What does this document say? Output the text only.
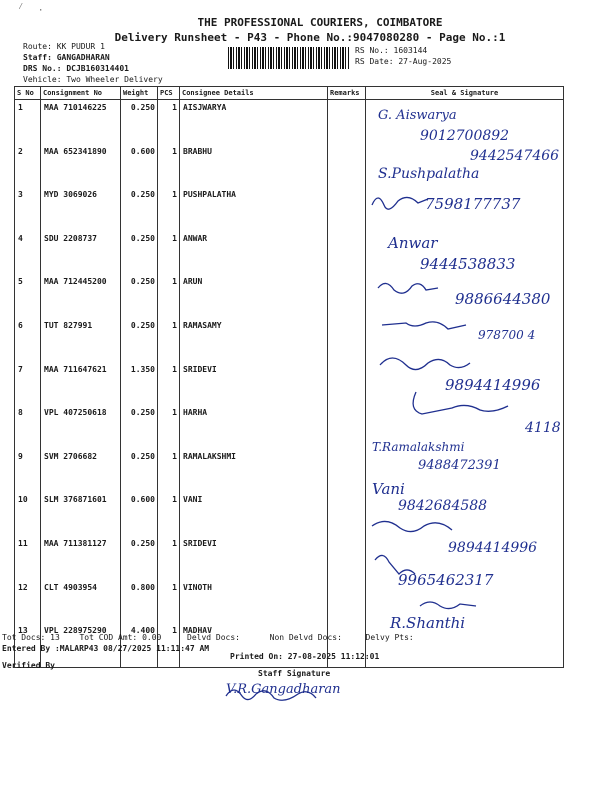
⁄ ·
THE PROFESSIONAL COURIERS, COIMBATORE
Delivery Runsheet - P43 - Phone No.:9047080280 - Page No.:1
Route: KK PUDUR 1
Staff: GANGADHARAN
DRS No.: DCJB160314401
Vehicle: Two Wheeler Delivery
RS No.: 1603144
RS Date: 27-Aug-2025
S No	Consignment No	Weight	PCS	Consignee Details	Remarks	Seal & Signature
1	MAA 710146225	0.250	1	AISJWARYA		
2	MAA 652341890	0.600	1	BRABHU		
3	MYD 3069026	0.250	1	PUSHPALATHA		
4	SDU 2208737	0.250	1	ANWAR		
5	MAA 712445200	0.250	1	ARUN		
6	TUT 827991	0.250	1	RAMASAMY		
7	MAA 711647621	1.350	1	SRIDEVI		
8	VPL 407250618	0.250	1	HARHA		
9	SVM 2706682	0.250	1	RAMALAKSHMI		
10	SLM 376871601	0.600	1	VANI		
11	MAA 711381127	0.250	1	SRIDEVI		
12	CLT 4903954	0.800	1	VINOTH		
13	VPL 228975290	4.400	1	MADHAV		
G. Aiswarya
9012700892
9442547466
S.Pushpalatha
7598177737
Anwar
9444538833
9886644380
978700 4
9894414996
4118
T.Ramalakshmi
9488472391
Vani
9842684588
9894414996
9965462317
R.Shanthi
Tot Docs: 13 Tot COD Amt: 0.00	Delvd Docs:	Non Delvd Docs:	Delvy Pts:
Entered By :MALARP43 08/27/2025 11:11:47 AM
Printed On: 27-08-2025 11:12:01
Verified By
Staff Signature
V.R.Gangadharan
